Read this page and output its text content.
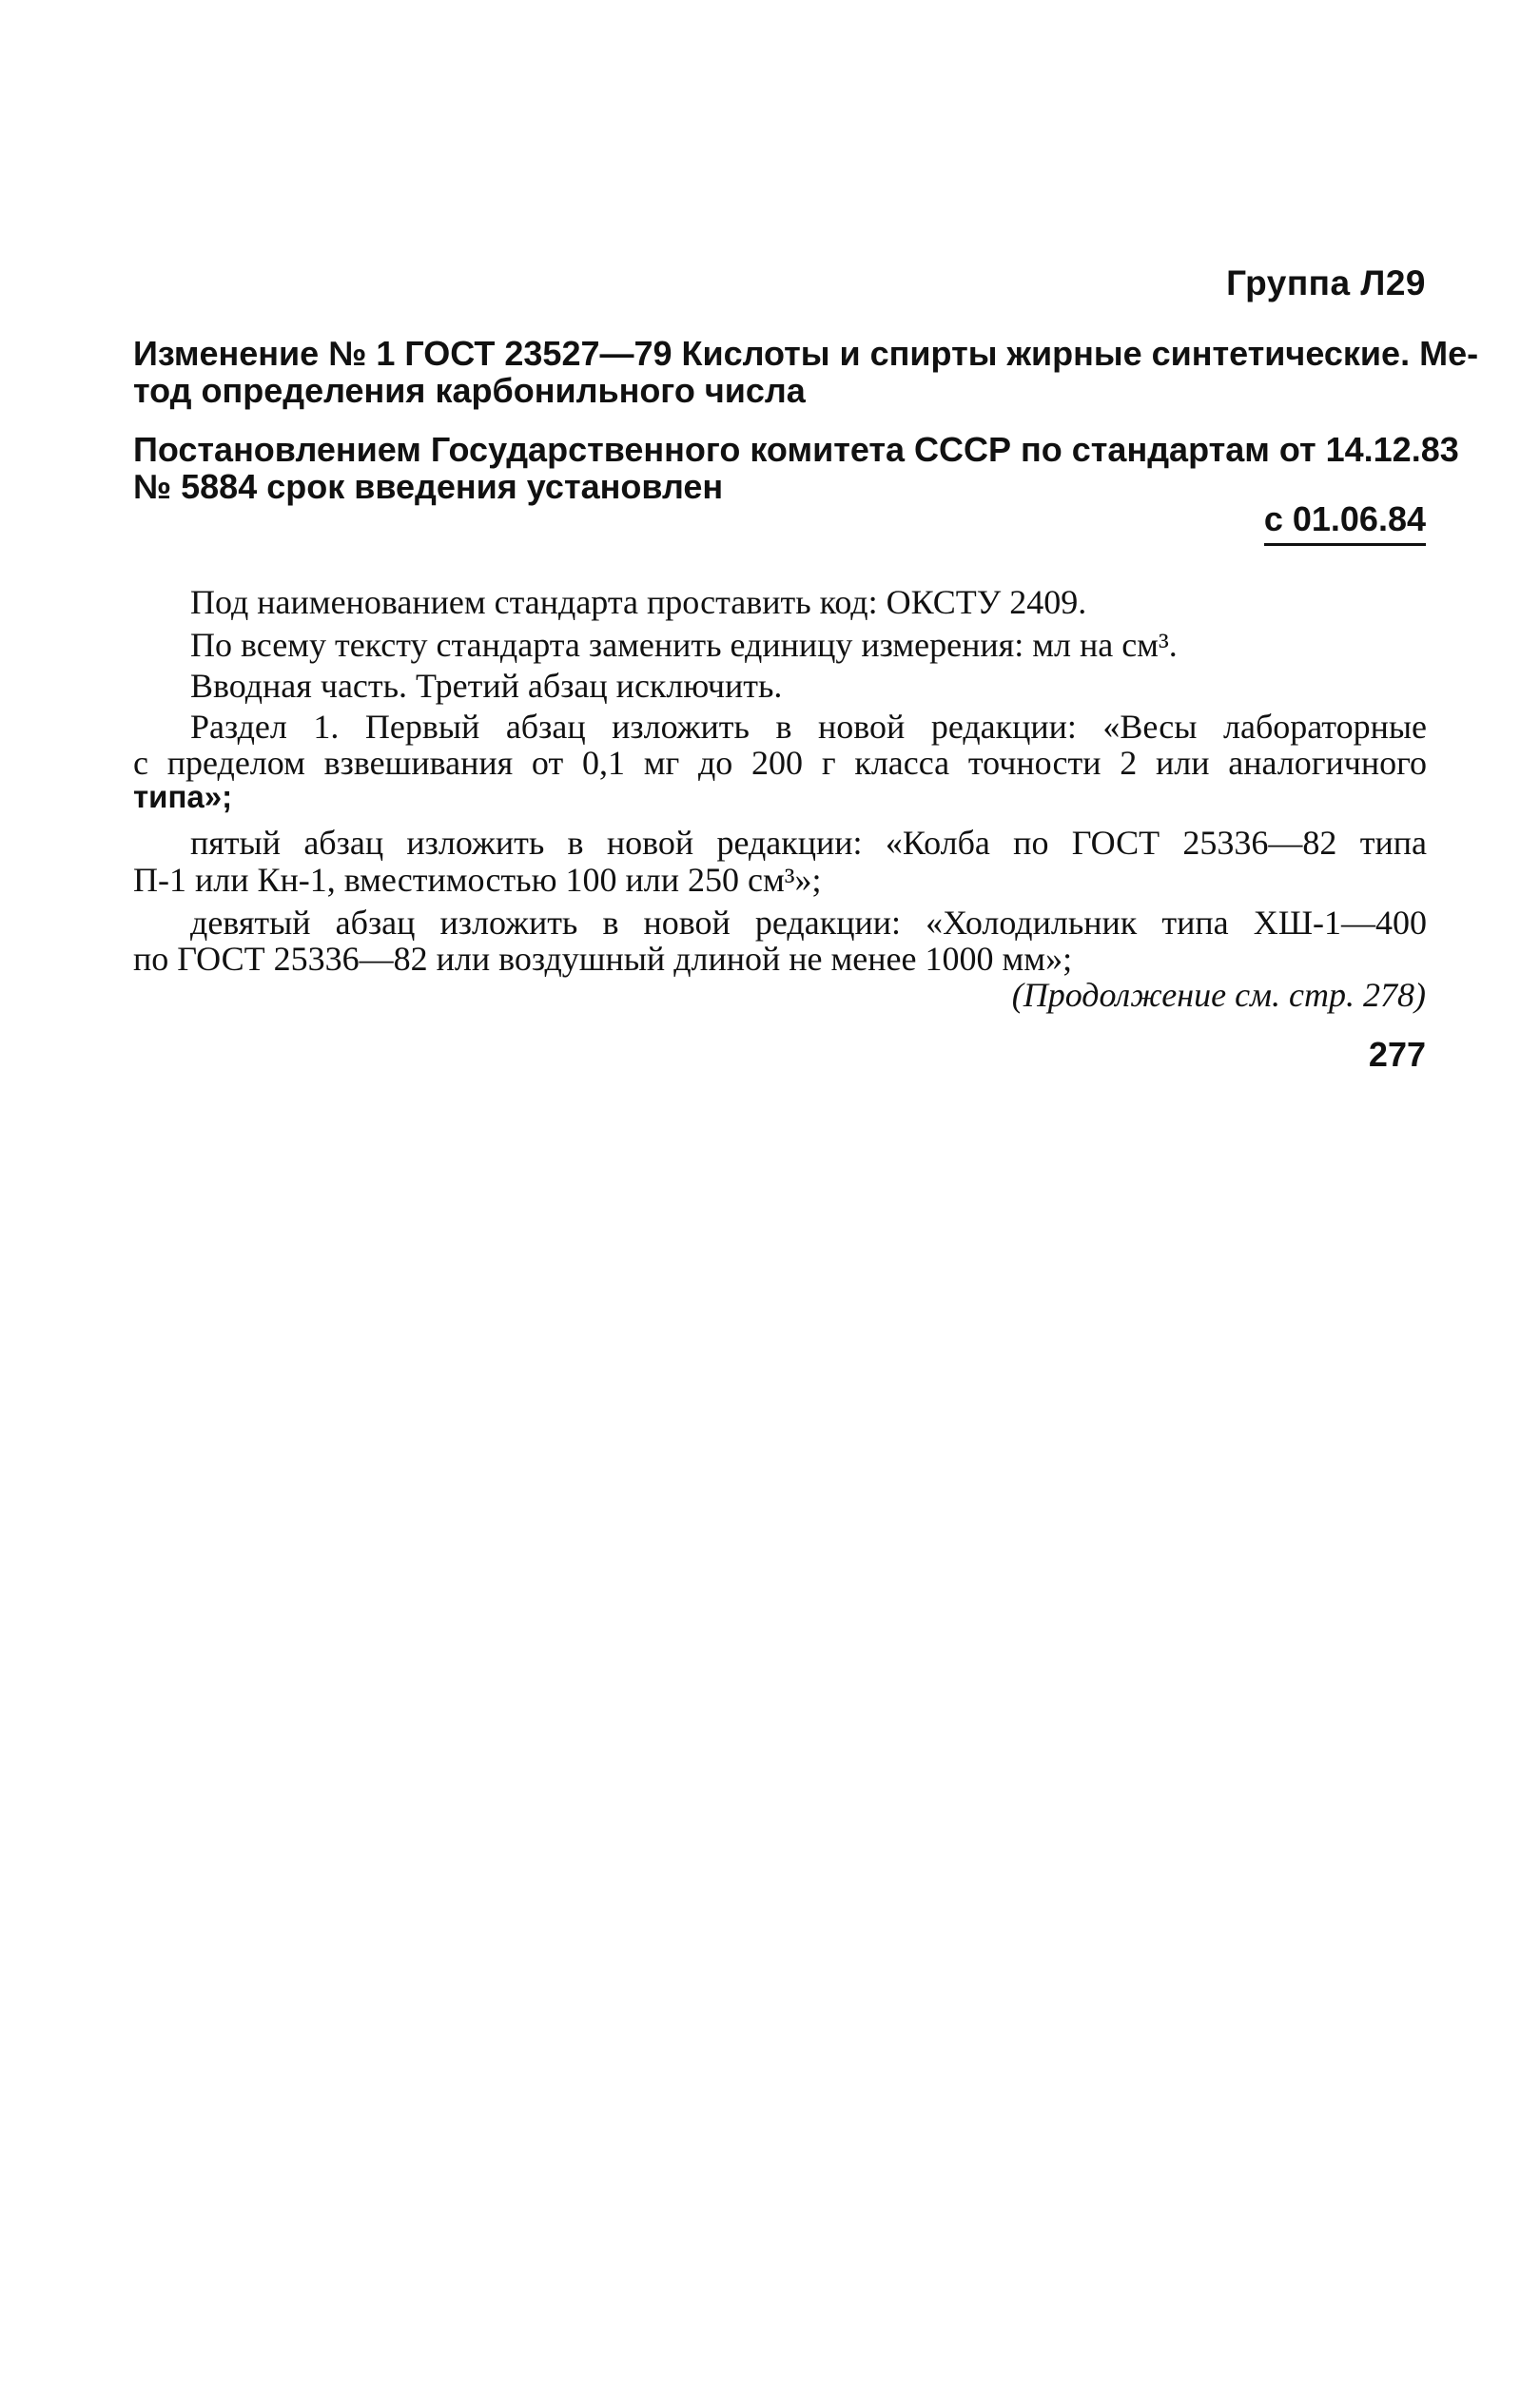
Группа Л29
Изменение № 1 ГОСТ 23527—79 Кислоты и спирты жирные синтетические. Ме-
тод определения карбонильного числа
Постановлением Государственного комитета СССР по стандартам от 14.12.83
№ 5884 срок введения установлен
с 01.06.84
Под наименованием стандарта проставить код: ОКСТУ 2409.
По всему тексту стандарта заменить единицу измерения: мл на см³.
Вводная часть. Третий абзац исключить.
Раздел 1. Первый абзац изложить в новой редакции: «Весы лабораторные
с пределом взвешивания от 0,1 мг до 200 г класса точности 2 или аналогичного
типа»;
пятый абзац изложить в новой редакции: «Колба по ГОСТ 25336—82 типа
П-1 или Кн-1, вместимостью 100 или 250 см³»;
девятый абзац изложить в новой редакции: «Холодильник типа ХШ-1—400
по ГОСТ 25336—82 или воздушный длиной не менее 1000 мм»;
(Продолжение см. стр. 278)
277
